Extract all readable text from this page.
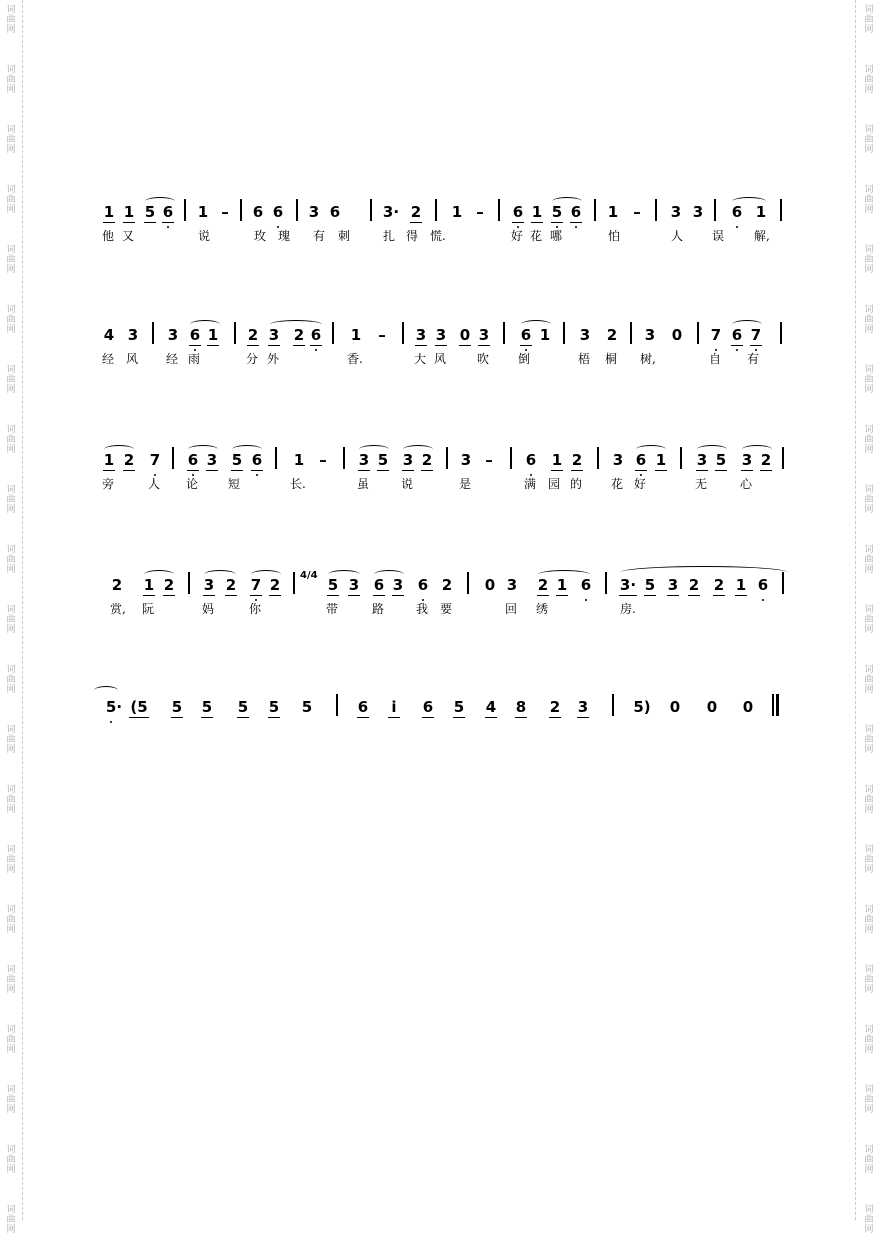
词
曲
网
词
曲
网
词
曲
网
词
曲
网
词
曲
网
词
曲
网
词
曲
网
词
曲
网
词
曲
网
词
曲
网
词
曲
网
词
曲
网
词
曲
网
词
曲
网
词
曲
网
词
曲
网
词
曲
网
词
曲
网
词
曲
网
词
曲
网
词
曲
网
词
曲
网
词
曲
网
词
曲
网
词
曲
网
词
曲
网
词
曲
网
词
曲
网
词
曲
网
词
曲
网
词
曲
网
词
曲
网
词
曲
网
词
曲
网
词
曲
网
词
曲
网
词
曲
网
词
曲
网
词
曲
网
词
曲
网
词
曲
网
词
曲
网
1 1 5 6 1 – 6 6 3 6	3· 2 1 – 6 1 5 6 1 – 3 3 6 1
他 又	说	玫 瑰 有 刺	扎 得 慌.	好 花 哪	怕	人 误 解,
4 3 3 6 1 2 3 2 6 1 – 3 3 0 3 6 1 3 2 3 0 7 6 7
经 风 经 雨	分 外	香.	大 风	吹 倒	梧 桐 树,	自 有
1 2 7 6 3 5 6 1 – 3 5 3 2 3 – 6 1 2 3 6 1 3 5 3 2
旁	人 论 短	长.	虽	说	是	满 园 的 花 好	无	心
2 1 2 3 2 7 2
4/4
5 3 6 3 6 2 0 3 2 1 6 3· 5 3 2 2 1 6
赏, 阮	妈	你	带	路	我 要	回 绣	房.
5· (5 5 5 5 5 5	6 i 6 5 4 8 2 3	5) 0 0 0
